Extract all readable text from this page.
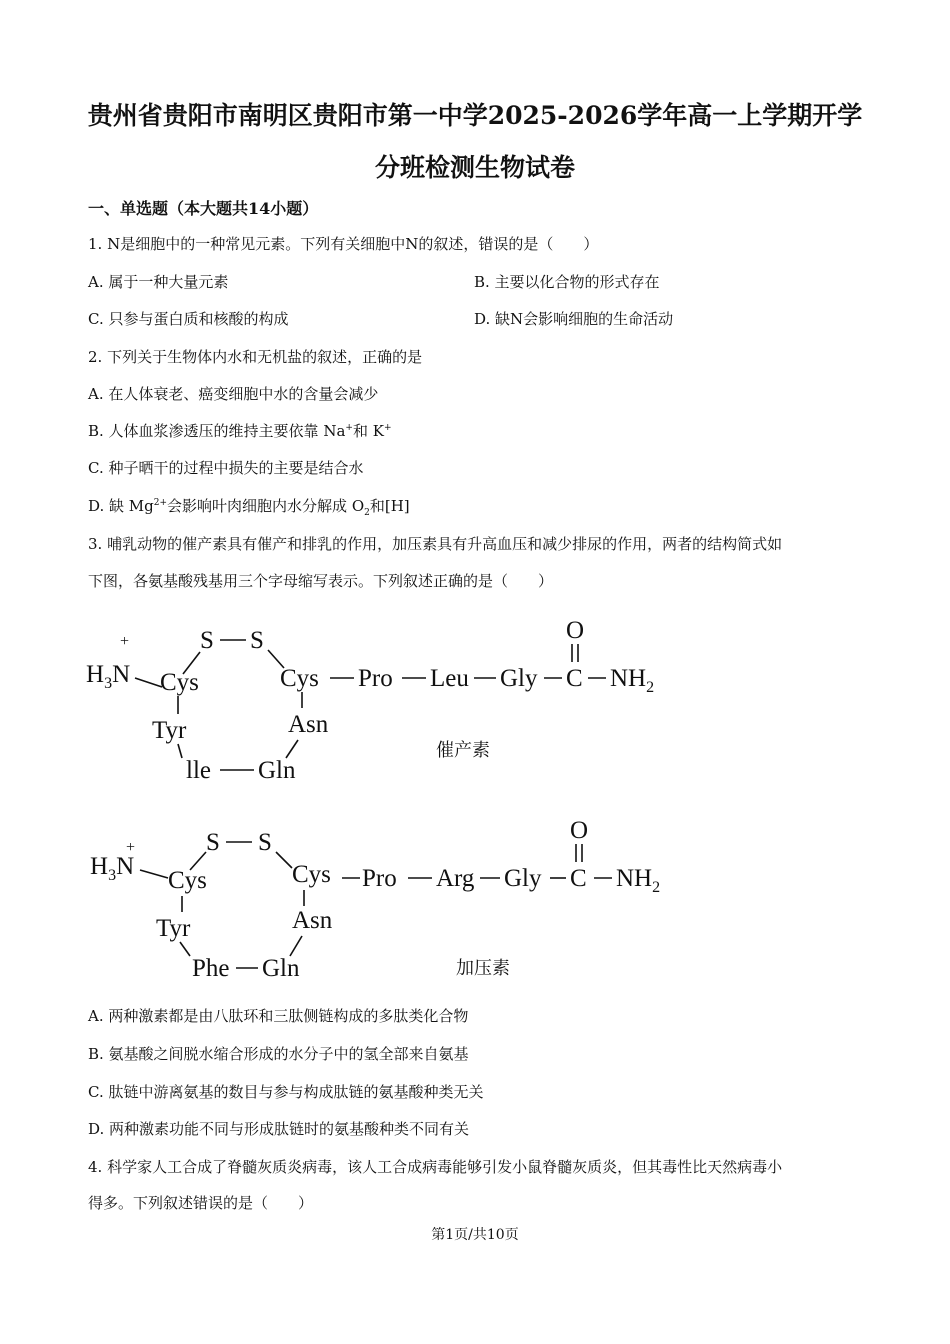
贵州省贵阳市南明区贵阳市第一中学2025-2026学年高一上学期开学
分班检测生物试卷
一、单选题（本大题共14小题）
1. N是细胞中的一种常见元素。下列有关细胞中N的叙述，错误的是（　　）
A. 属于一种大量元素	B. 主要以化合物的形式存在
C. 只参与蛋白质和核酸的构成	D. 缺N会影响细胞的生命活动
2. 下列关于生物体内水和无机盐的叙述，正确的是
A. 在人体衰老、癌变细胞中水的含量会减少
B. 人体血浆渗透压的维持主要依靠 Na+和 K+
C. 种子晒干的过程中损失的主要是结合水
D. 缺 $Mg^{2+}$会影响叶肉细胞内水分解成 $O_2$和[H]
3. 哺乳动物的催产素具有催产和排乳的作用，加压素具有升高血压和减少排尿的作用，两者的结构简式如
下图，各氨基酸残基用三个字母缩写表示。下列叙述正确的是（　　）
+
$H_3N$ Cys
S S
Cys
Tyr
lle Gln
Asn
Pro Leu Gly C
O
$NH_2$
催产素
+
$H_3N$
Cys
S S
Cys
Tyr
Phe Gln
Asn
Pro Arg Gly C
O
$NH_2$
加压素
A. 两种激素都是由八肽环和三肽侧链构成的多肽类化合物
B. 氨基酸之间脱水缩合形成的水分子中的氢全部来自氨基
C. 肽链中游离氨基的数目与参与构成肽链的氨基酸种类无关
D. 两种激素功能不同与形成肽链时的氨基酸种类不同有关
4. 科学家人工合成了脊髓灰质炎病毒，该人工合成病毒能够引发小鼠脊髓灰质炎，但其毒性比天然病毒小
得多。下列叙述错误的是（　　）
第1页/共10页
